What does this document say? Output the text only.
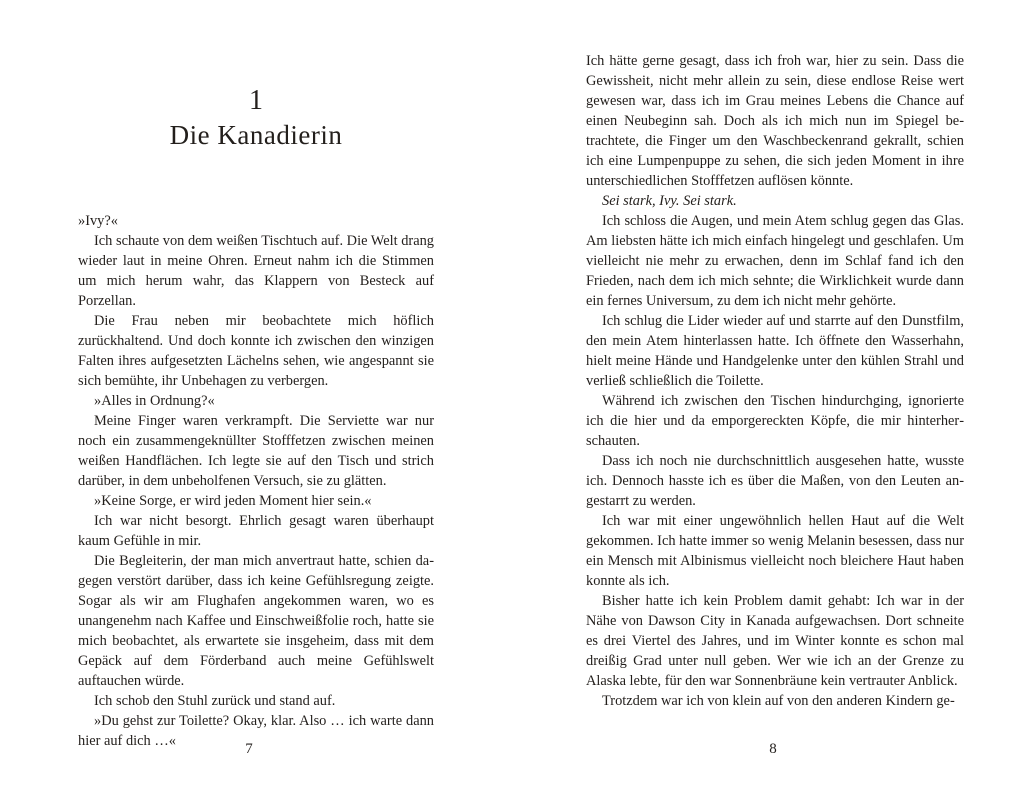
1
Die Kanadierin

»Ivy?«

Ich schaute von dem weißen Tischtuch auf. Die Welt drang wieder laut in meine Ohren. Erneut nahm ich die Stimmen um mich herum wahr, das Klappern von Besteck auf Porzellan.

Die Frau neben mir beobachtete mich höflich zurückhaltend. Und doch konnte ich zwischen den winzigen Falten ihres aufgesetzten Lächelns sehen, wie angespannt sie sich bemühte, ihr Unbehagen zu verbergen.

»Alles in Ordnung?«

Meine Finger waren verkrampft. Die Serviette war nur noch ein zusammengeknüllter Stofffetzen zwischen meinen weißen Handflächen. Ich legte sie auf den Tisch und strich darüber, in dem unbeholfenen Versuch, sie zu glätten.

»Keine Sorge, er wird jeden Moment hier sein.«

Ich war nicht besorgt. Ehrlich gesagt waren überhaupt kaum Gefühle in mir.

Die Begleiterin, der man mich anvertraut hatte, schien dagegen verstört darüber, dass ich keine Gefühlsregung zeigte. Sogar als wir am Flughafen angekommen waren, wo es unangenehm nach Kaffee und Einschweißfolie roch, hatte sie mich beobachtet, als erwartete sie insgeheim, dass mit dem Gepäck auf dem Förderband auch meine Gefühlswelt auftauchen würde.

Ich schob den Stuhl zurück und stand auf.

»Du gehst zur Toilette? Okay, klar. Also … ich warte dann hier auf dich …«	7

Ich hätte gerne gesagt, dass ich froh war, hier zu sein. Dass die Gewissheit, nicht mehr allein zu sein, diese endlose Reise wert gewesen war, dass ich im Grau meines Lebens die Chance auf einen Neubeginn sah. Doch als ich mich nun im Spiegel betrachtete, die Finger um den Waschbeckenrand gekrallt, schien ich eine Lumpenpuppe zu sehen, die sich jeden Moment in ihre unterschiedlichen Stofffetzen auflösen könnte.

Sei stark, Ivy. Sei stark.

Ich schloss die Augen, und mein Atem schlug gegen das Glas. Am liebsten hätte ich mich einfach hingelegt und geschlafen. Um vielleicht nie mehr zu erwachen, denn im Schlaf fand ich den Frieden, nach dem ich mich sehnte; die Wirklichkeit wurde dann ein fernes Universum, zu dem ich nicht mehr gehörte.

Ich schlug die Lider wieder auf und starrte auf den Dunstfilm, den mein Atem hinterlassen hatte. Ich öffnete den Wasserhahn, hielt meine Hände und Handgelenke unter den kühlen Strahl und verließ schließlich die Toilette.

Während ich zwischen den Tischen hindurchging, ignorierte ich die hier und da emporgereckten Köpfe, die mir hinterherschauten.

Dass ich noch nie durchschnittlich ausgesehen hatte, wusste ich. Dennoch hasste ich es über die Maßen, von den Leuten angestarrt zu werden.

Ich war mit einer ungewöhnlich hellen Haut auf die Welt gekommen. Ich hatte immer so wenig Melanin besessen, dass nur ein Mensch mit Albinismus vielleicht noch bleichere Haut haben konnte als ich.

Bisher hatte ich kein Problem damit gehabt: Ich war in der Nähe von Dawson City in Kanada aufgewachsen. Dort schneite es drei Viertel des Jahres, und im Winter konnte es schon mal dreißig Grad unter null geben. Wer wie ich an der Grenze zu Alaska lebte, für den war Sonnenbräune kein vertrauter Anblick.

Trotzdem war ich von klein auf von den anderen Kindern ge-

8
